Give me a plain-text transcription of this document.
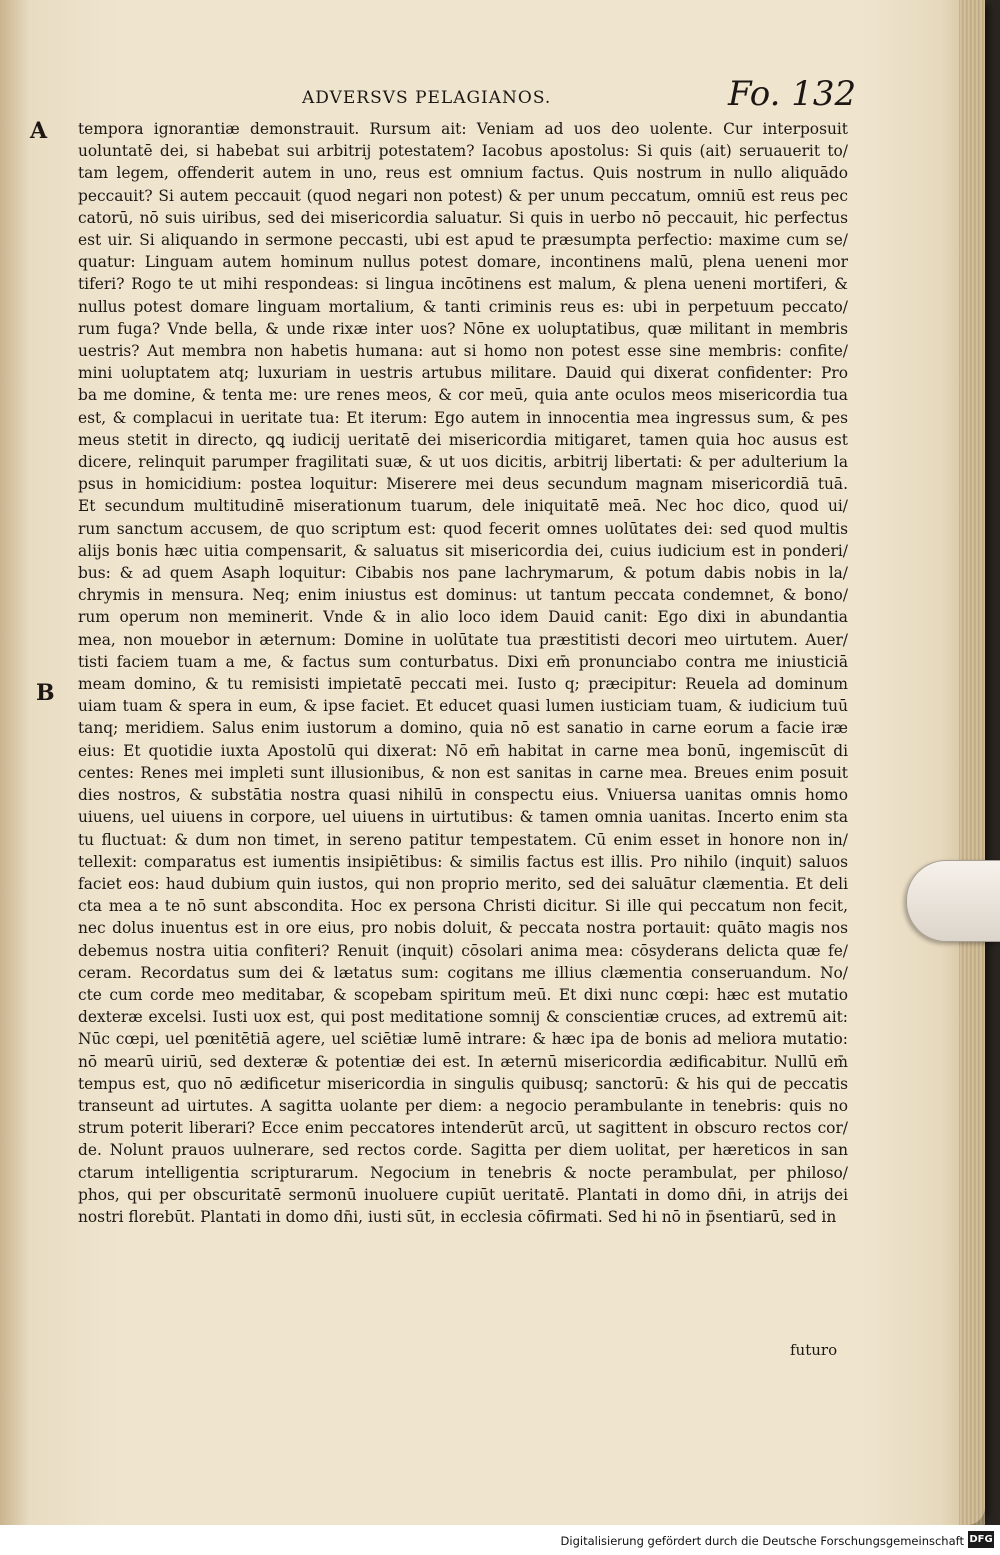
ADVERSVS PELAGIANOS.	Fo. 132
A
B
tempora ignorantiæ demonstrauit. Rursum ait: Veniam ad uos deo uolente. Cur interposuit
uoluntatē dei, si habebat sui arbitrij potestatem? Iacobus apostolus: Si quis (ait) seruauerit to/
tam legem, offenderit autem in uno, reus est omnium factus. Quis nostrum in nullo aliquādo
peccauit? Si autem peccauit (quod negari non potest) & per unum peccatum, omniū est reus pec
catorū, nō suis uiribus, sed dei misericordia saluatur. Si quis in uerbo nō peccauit, hic perfectus
est uir. Si aliquando in sermone peccasti, ubi est apud te præsumpta perfectio: maxime cum se/
quatur: Linguam autem hominum nullus potest domare, incontinens malū, plena ueneni mor
tiferi? Rogo te ut mihi respondeas: si lingua incōtinens est malum, & plena ueneni mortiferi, &
nullus potest domare linguam mortalium, & tanti criminis reus es: ubi in perpetuum peccato/
rum fuga? Vnde bella, & unde rixæ inter uos? Nōne ex uoluptatibus, quæ militant in membris
uestris? Aut membra non habetis humana: aut si homo non potest esse sine membris: confite/
mini uoluptatem atq; luxuriam in uestris artubus militare. Dauid qui dixerat confidenter: Pro
ba me domine, & tenta me: ure renes meos, & cor meū, quia ante oculos meos misericordia tua
est, & complacui in ueritate tua: Et iterum: Ego autem in innocentia mea ingressus sum, & pes
meus stetit in directo, ꝗꝗ iudicij ueritatē dei misericordia mitigaret, tamen quia hoc ausus est
dicere, relinquit parumper fragilitati suæ, & ut uos dicitis, arbitrij libertati: & per adulterium la
psus in homicidium: postea loquitur: Miserere mei deus secundum magnam misericordiā tuā.
Et secundum multitudinē miserationum tuarum, dele iniquitatē meā. Nec hoc dico, quod ui/
rum sanctum accusem, de quo scriptum est: quod fecerit omnes uolūtates dei: sed quod multis
alijs bonis hæc uitia compensarit, & saluatus sit misericordia dei, cuius iudicium est in ponderi/
bus: & ad quem Asaph loquitur: Cibabis nos pane lachrymarum, & potum dabis nobis in la/
chrymis in mensura. Neq; enim iniustus est dominus: ut tantum peccata condemnet, & bono/
rum operum non meminerit. Vnde & in alio loco idem Dauid canit: Ego dixi in abundantia
mea, non mouebor in æternum: Domine in uolūtate tua præstitisti decori meo uirtutem. Auer/
tisti faciem tuam a me, & factus sum conturbatus. Dixi em̄ pronunciabo contra me iniusticiā
meam domino, & tu remisisti impietatē peccati mei. Iusto q; præcipitur: Reuela ad dominum
uiam tuam & spera in eum, & ipse faciet. Et educet quasi lumen iusticiam tuam, & iudicium tuū
tanq; meridiem. Salus enim iustorum a domino, quia nō est sanatio in carne eorum a facie iræ
eius: Et quotidie iuxta Apostolū qui dixerat: Nō em̄ habitat in carne mea bonū, ingemiscūt di
centes: Renes mei impleti sunt illusionibus, & non est sanitas in carne mea. Breues enim posuit
dies nostros, & substātia nostra quasi nihilū in conspectu eius. Vniuersa uanitas omnis homo
uiuens, uel uiuens in corpore, uel uiuens in uirtutibus: & tamen omnia uanitas. Incerto enim sta
tu fluctuat: & dum non timet, in sereno patitur tempestatem. Cū enim esset in honore non in/
tellexit: comparatus est iumentis insipiētibus: & similis factus est illis. Pro nihilo (inquit) saluos
faciet eos: haud dubium quin iustos, qui non proprio merito, sed dei saluātur clæmentia. Et deli
cta mea a te nō sunt abscondita. Hoc ex persona Christi dicitur. Si ille qui peccatum non fecit,
nec dolus inuentus est in ore eius, pro nobis doluit, & peccata nostra portauit: quāto magis nos
debemus nostra uitia confiteri? Renuit (inquit) cōsolari anima mea: cōsyderans delicta quæ fe/
ceram. Recordatus sum dei & lætatus sum: cogitans me illius clæmentia conseruandum. No/
cte cum corde meo meditabar, & scopebam spiritum meū. Et dixi nunc cœpi: hæc est mutatio
dexteræ excelsi. Iusti uox est, qui post meditatione somnij & conscientiæ cruces, ad extremū ait:
Nūc cœpi, uel pœnitētiā agere, uel sciētiæ lumē intrare: & hæc ipa de bonis ad meliora mutatio:
nō mearū uiriū, sed dexteræ & potentiæ dei est. In æternū misericordia ædificabitur. Nullū em̄
tempus est, quo nō ædificetur misericordia in singulis quibusq; sanctorū: & his qui de peccatis
transeunt ad uirtutes. A sagitta uolante per diem: a negocio perambulante in tenebris: quis no
strum poterit liberari? Ecce enim peccatores intenderūt arcū, ut sagittent in obscuro rectos cor/
de. Nolunt prauos uulnerare, sed rectos corde. Sagitta per diem uolitat, per hæreticos in san
ctarum intelligentia scripturarum. Negocium in tenebris & nocte perambulat, per philoso/
phos, qui per obscuritatē sermonū inuoluere cupiūt ueritatē. Plantati in domo dn̄i, in atrijs dei
nostri florebūt. Plantati in domo dn̄i, iusti sūt, in ecclesia cōfirmati. Sed hi nō in p̄sentiarū, sed in
futuro
Digitalisierung gefördert durch die Deutsche Forschungsgemeinschaft DFG
